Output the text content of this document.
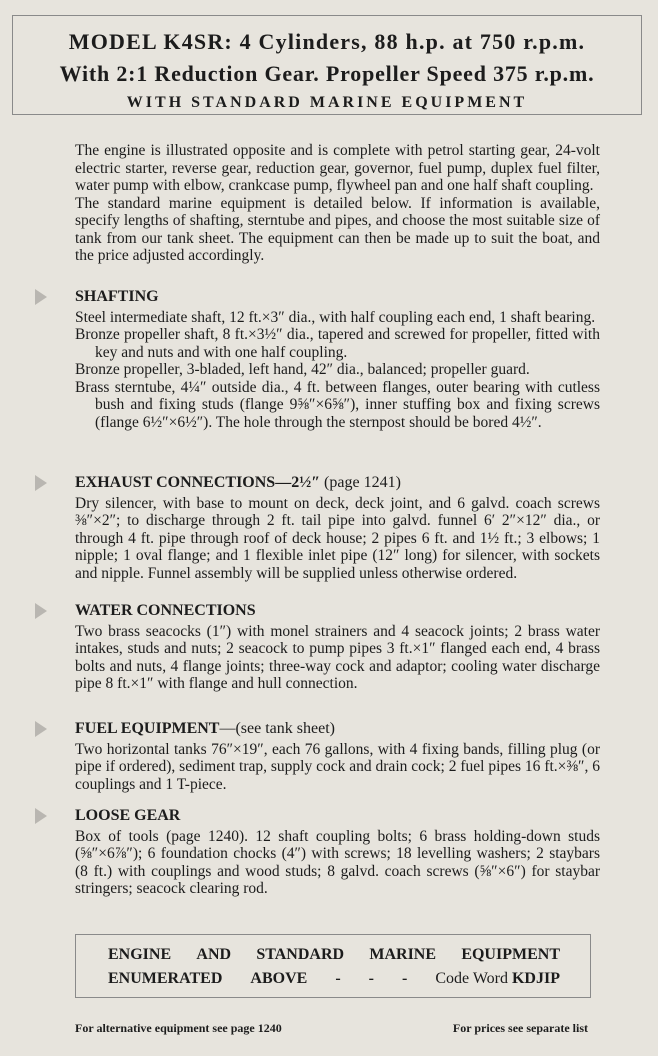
MODEL K4SR: 4 Cylinders, 88 h.p. at 750 r.p.m.
With 2:1 Reduction Gear. Propeller Speed 375 r.p.m.
WITH STANDARD MARINE EQUIPMENT

The engine is illustrated opposite and is complete with petrol starting gear, 24-volt electric starter, reverse gear, reduction gear, governor, fuel pump, duplex fuel filter, water pump with elbow, crankcase pump, flywheel pan and one half shaft coupling.

The standard marine equipment is detailed below. If information is available, specify lengths of shafting, sterntube and pipes, and choose the most suitable size of tank from our tank sheet. The equipment can then be made up to suit the boat, and the price adjusted accordingly.

SHAFTING

Steel intermediate shaft, 12 ft.×3″ dia., with half coupling each end, 1 shaft bearing.

Bronze propeller shaft, 8 ft.×3½″ dia., tapered and screwed for propeller, fitted with key and nuts and with one half coupling.

Bronze propeller, 3-bladed, left hand, 42″ dia., balanced; propeller guard.

Brass sterntube, 4¼″ outside dia., 4 ft. between flanges, outer bearing with cutless bush and fixing studs (flange 9⅝″×6⅝″), inner stuffing box and fixing screws (flange 6½″×6½″). The hole through the sternpost should be bored 4½″.

EXHAUST CONNECTIONS—2½″ (page 1241)

Dry silencer, with base to mount on deck, deck joint, and 6 galvd. coach screws ⅜″×2″; to discharge through 2 ft. tail pipe into galvd. funnel 6′ 2″×12″ dia., or through 4 ft. pipe through roof of deck house; 2 pipes 6 ft. and 1½ ft.; 3 elbows; 1 nipple; 1 oval flange; and 1 flexible inlet pipe (12″ long) for silencer, with sockets and nipple. Funnel assembly will be supplied unless otherwise ordered.

WATER CONNECTIONS

Two brass seacocks (1″) with monel strainers and 4 seacock joints; 2 brass water intakes, studs and nuts; 2 seacock to pump pipes 3 ft.×1″ flanged each end, 4 brass bolts and nuts, 4 flange joints; three-way cock and adaptor; cooling water discharge pipe 8 ft.×1″ with flange and hull connection.

FUEL EQUIPMENT—(see tank sheet)

Two horizontal tanks 76″×19″, each 76 gallons, with 4 fixing bands, filling plug (or pipe if ordered), sediment trap, supply cock and drain cock; 2 fuel pipes 16 ft.×⅜″, 6 couplings and 1 T-piece.

LOOSE GEAR

Box of tools (page 1240). 12 shaft coupling bolts; 6 brass holding-down studs (⅝″×6⅞″); 6 foundation chocks (4″) with screws; 18 levelling washers; 2 staybars (8 ft.) with couplings and wood studs; 8 galvd. coach screws (⅝″×6″) for staybar stringers; seacock clearing rod.

ENGINE AND STANDARD MARINE EQUIPMENT
ENUMERATED ABOVE - - - Code Word KDJIP
For alternative equipment see page 1240	For prices see separate list
